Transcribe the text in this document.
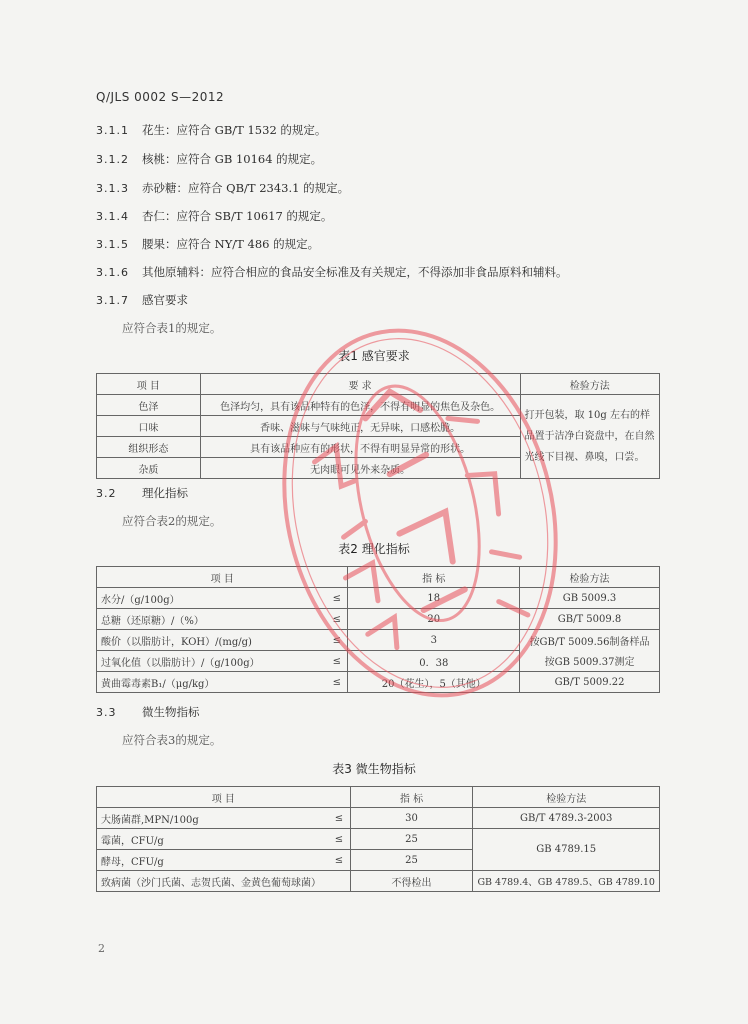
Q/JLS 0002 S—2012
3.1.1 花生：应符合 GB/T 1532 的规定。
3.1.2 核桃：应符合 GB 10164 的规定。
3.1.3 赤砂糖：应符合 QB/T 2343.1 的规定。
3.1.4 杏仁：应符合 SB/T 10617 的规定。
3.1.5 腰果：应符合 NY/T 486 的规定。
3.1.6 其他原辅料：应符合相应的食品安全标准及有关规定，不得添加非食品原料和辅料。
3.1.7 感官要求
应符合表1的规定。
表1 感官要求
项 目	要 求	检验方法
色泽	色泽均匀，具有该品种特有的色泽，不得有明显的焦色及杂色。	打开包装，取 10g 左右的样品置于洁净白瓷盘中，在自然光线下目视、鼻嗅，口尝。
口味	香味、滋味与气味纯正，无异味，口感松脆。	
组织形态	具有该品种应有的形状，不得有明显异常的形状。	
杂质	无肉眼可见外来杂质。	
3.2 理化指标
应符合表2的规定。
表2 理化指标
项 目		指 标	检验方法
水分/（g/100g）	≤	18	GB 5009.3
总糖（还原糖）/（%）	≤	20	GB/T 5009.8
酸价（以脂肪计，KOH）/(mg/g)	≤	3	按GB/T 5009.56制备样品
过氧化值（以脂肪计）/（g/100g）	≤	0．38	按GB 5009.37测定
黄曲霉毒素B₁/（μg/kg）	≤	20（花生），5（其他）	GB/T 5009.22
3.3 微生物指标
应符合表3的规定。
表3 微生物指标
项 目		指 标	检验方法
大肠菌群,MPN/100g	≤	30	GB/T 4789.3-2003
霉菌，CFU/g	≤	25	GB 4789.15
酵母，CFU/g	≤	25	
致病菌（沙门氏菌、志贺氏菌、金黄色葡萄球菌）		不得检出	GB 4789.4、GB 4789.5、GB 4789.10
2
